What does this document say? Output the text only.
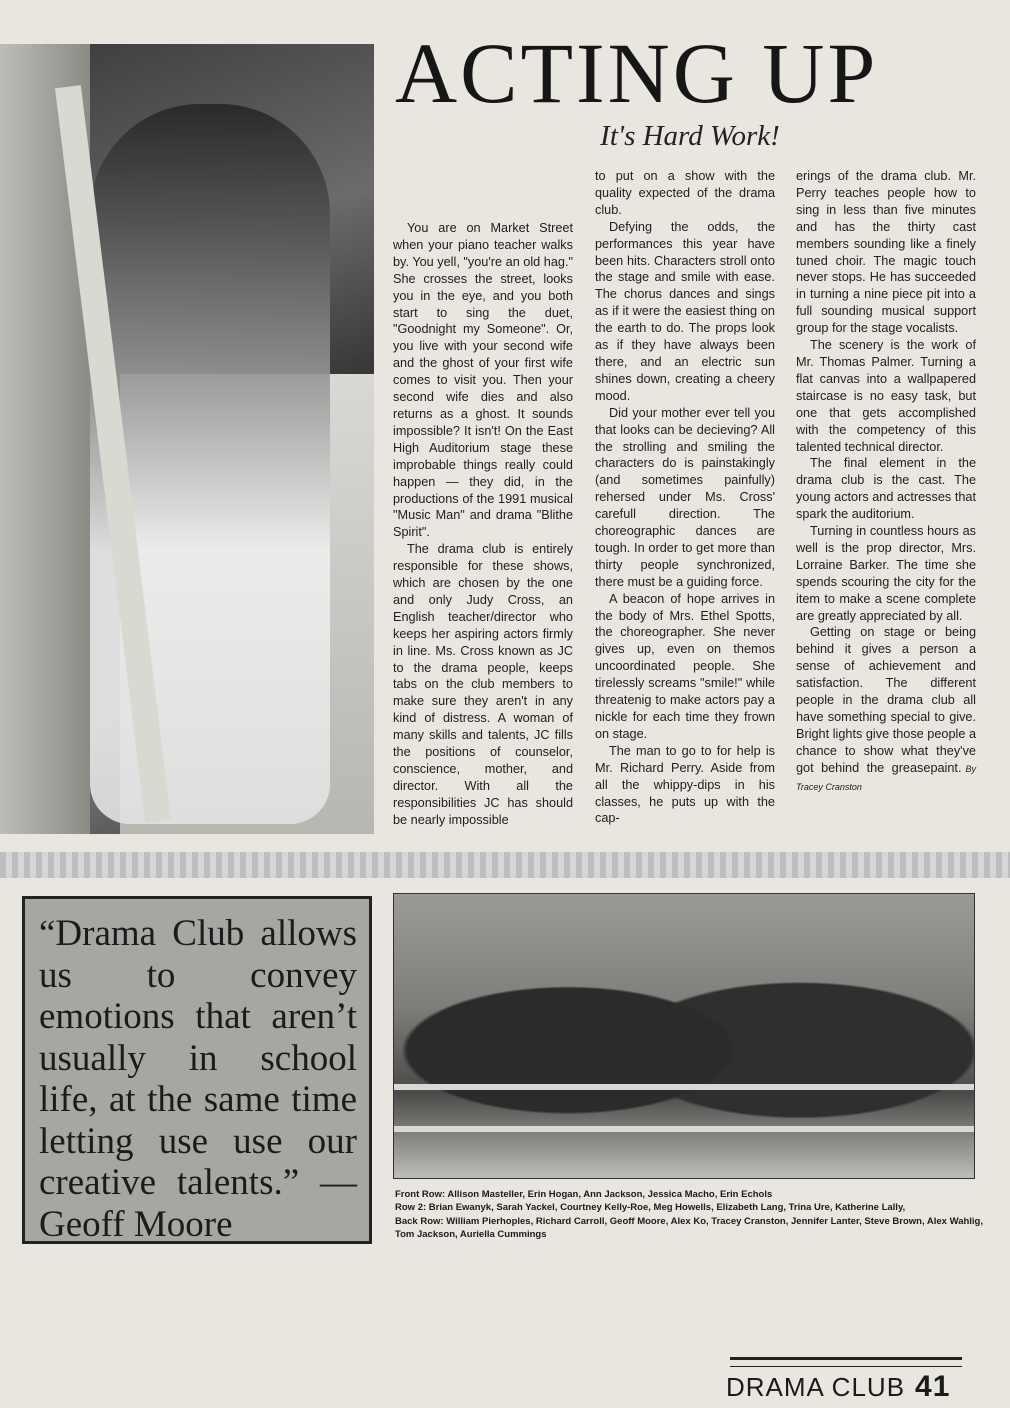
ACTING UP
It's Hard Work!

You are on Market Street when your piano teacher walks by. You yell, "you're an old hag." She crosses the street, looks you in the eye, and you both start to sing the duet, "Goodnight my Someone". Or, you live with your second wife and the ghost of your first wife comes to visit you. Then your second wife dies and also returns as a ghost. It sounds impossible? It isn't! On the East High Auditorium stage these improbable things really could happen — they did, in the productions of the 1991 musical "Music Man" and drama "Blithe Spirit".

The drama club is entirely responsible for these shows, which are chosen by the one and only Judy Cross, an English teacher/director who keeps her aspiring actors firmly in line. Ms. Cross known as JC to the drama people, keeps tabs on the club members to make sure they aren't in any kind of distress. A woman of many skills and talents, JC fills the positions of counselor, conscience, mother, and director. With all the responsibilities JC has should be nearly impossible

to put on a show with the quality expected of the drama club.

Defying the odds, the performances this year have been hits. Characters stroll onto the stage and smile with ease. The chorus dances and sings as if it were the easiest thing on the earth to do. The props look as if they have always been there, and an electric sun shines down, creating a cheery mood.

Did your mother ever tell you that looks can be decieving? All the strolling and smiling the characters do is painstakingly (and sometimes painfully) rehersed under Ms. Cross' carefull direction. The choreographic dances are tough. In order to get more than thirty people synchronized, there must be a guiding force.

A beacon of hope arrives in the body of Mrs. Ethel Spotts, the choreographer. She never gives up, even on themos uncoordinated people. She tirelessly screams "smile!" while threatenig to make actors pay a nickle for each time they frown on stage.

The man to go to for help is Mr. Richard Perry. Aside from all the whippy-dips in his classes, he puts up with the cap-

erings of the drama club. Mr. Perry teaches people how to sing in less than five minutes and has the thirty cast members sounding like a finely tuned choir. The magic touch never stops. He has succeeded in turning a nine piece pit into a full sounding musical support group for the stage vocalists.

The scenery is the work of Mr. Thomas Palmer. Turning a flat canvas into a wallpapered staircase is no easy task, but one that gets accomplished with the competency of this talented technical director.

The final element in the drama club is the cast. The young actors and actresses that spark the auditorium.

Turning in countless hours as well is the prop director, Mrs. Lorraine Barker. The time she spends scouring the city for the item to make a scene complete are greatly appreciated by all.

Getting on stage or being behind it gives a person a sense of achievement and satisfaction. The different people in the drama club all have something special to give. Bright lights give those people a chance to show what they've got behind the greasepaint. By Tracey Cranston

“Drama Club allows us to convey emotions that aren’t usually in school life, at the same time letting use use our creative talents.” — Geoff Moore
Front Row: Allison Masteller, Erin Hogan, Ann Jackson, Jessica Macho, Erin Echols
Row 2: Brian Ewanyk, Sarah Yackel, Courtney Kelly-Roe, Meg Howells, Elizabeth Lang, Trina Ure, Katherine Lally,
Back Row: William Pierhoples, Richard Carroll, Geoff Moore, Alex Ko, Tracey Cranston, Jennifer Lanter, Steve Brown, Alex Wahlig, Tom Jackson, Auriella Cummings
DRAMA CLUB 41
